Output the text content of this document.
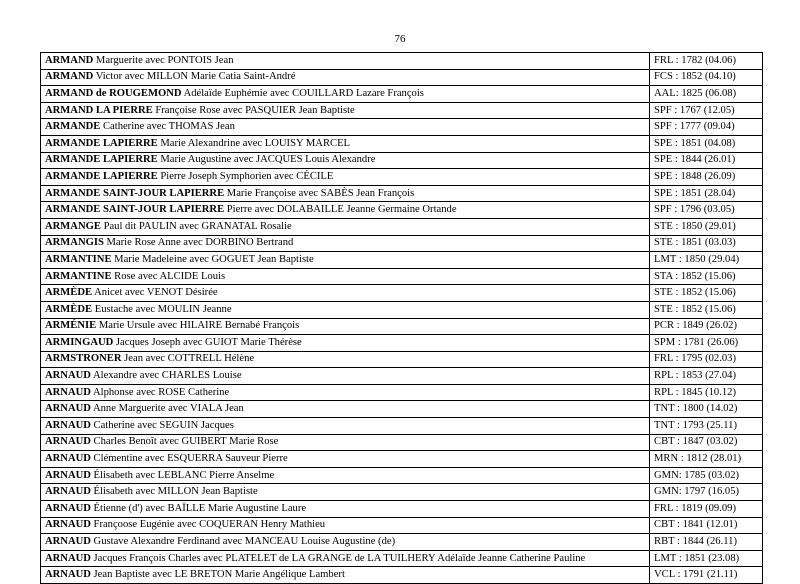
76
ARMAND Marguerite avec PONTOIS Jean	FRL : 1782 (04.06)
ARMAND Victor avec MILLON Marie Catia Saint-André	FCS : 1852 (04.10)
ARMAND de ROUGEMOND Adélaïde Euphémie avec COUILLARD Lazare François	AAL: 1825 (06.08)
ARMAND LA PIERRE Françoise Rose avec PASQUIER Jean Baptiste	SPF : 1767 (12.05)
ARMANDE Catherine avec THOMAS Jean	SPF : 1777 (09.04)
ARMANDE LAPIERRE Marie Alexandrine avec LOUISY MARCEL	SPE : 1851 (04.08)
ARMANDE LAPIERRE Marie Augustine avec JACQUES Louis Alexandre	SPE : 1844 (26.01)
ARMANDE LAPIERRE Pierre Joseph Symphorien avec CÉCILE	SPE : 1848 (26.09)
ARMANDE SAINT-JOUR LAPIERRE Marie Françoise avec SABÈS Jean François	SPE : 1851 (28.04)
ARMANDE SAINT-JOUR LAPIERRE Pierre avec DOLABAILLE Jeanne Germaine Ortande	SPF : 1796 (03.05)
ARMANGE Paul dit PAULIN avec GRANATAL Rosalie	STE : 1850 (29.01)
ARMANGIS Marie Rose Anne avec DORBINO Bertrand	STE : 1851 (03.03)
ARMANTINE Marie Madeleine avec GOGUET Jean Baptiste	LMT : 1850 (29.04)
ARMANTINE Rose avec ALCIDE Louis	STA : 1852 (15.06)
ARMÈDE Anicet avec VENOT Désirée	STE : 1852 (15.06)
ARMÈDE Eustache avec MOULIN Jeanne	STE : 1852 (15.06)
ARMÉNIE Marie Ursule avec HILAIRE Bernabé François	PCR : 1849 (26.02)
ARMINGAUD Jacques Joseph avec GUIOT Marie Thérèse	SPM : 1781 (26.06)
ARMSTRONER Jean avec COTTRELL Hélène	FRL : 1795 (02.03)
ARNAUD Alexandre avec CHARLES Louise	RPL : 1853 (27.04)
ARNAUD Alphonse avec ROSE Catherine	RPL : 1845 (10.12)
ARNAUD Anne Marguerite avec VIALA Jean	TNT : 1800 (14.02)
ARNAUD Catherine avec SEGUIN Jacques	TNT : 1793 (25.11)
ARNAUD Charles Benoît avec GUIBERT Marie Rose	CBT : 1847 (03.02)
ARNAUD Clémentine avec ESQUERRA Sauveur Pierre	MRN : 1812 (28.01)
ARNAUD Élisabeth avec LEBLANC Pierre Anselme	GMN: 1785 (03.02)
ARNAUD Élisabeth avec MILLON Jean Baptiste	GMN: 1797 (16.05)
ARNAUD Étienne (d') avec BAÏLLE Marie Augustine Laure	FRL : 1819 (09.09)
ARNAUD Françoose Eugénie avec COQUERAN Henry Mathieu	CBT : 1841 (12.01)
ARNAUD Gustave Alexandre Ferdinand avec MANCEAU Louise Augustine (de)	RBT : 1844 (26.11)
ARNAUD Jacques François Charles avec PLATELET de LA GRANGE de LA TUILHERY Adélaïde Jeanne Catherine Pauline	LMT : 1851 (23.08)
ARNAUD Jean Baptiste avec LE BRETON Marie Angélique Lambert	VCL : 1791 (21.11)
